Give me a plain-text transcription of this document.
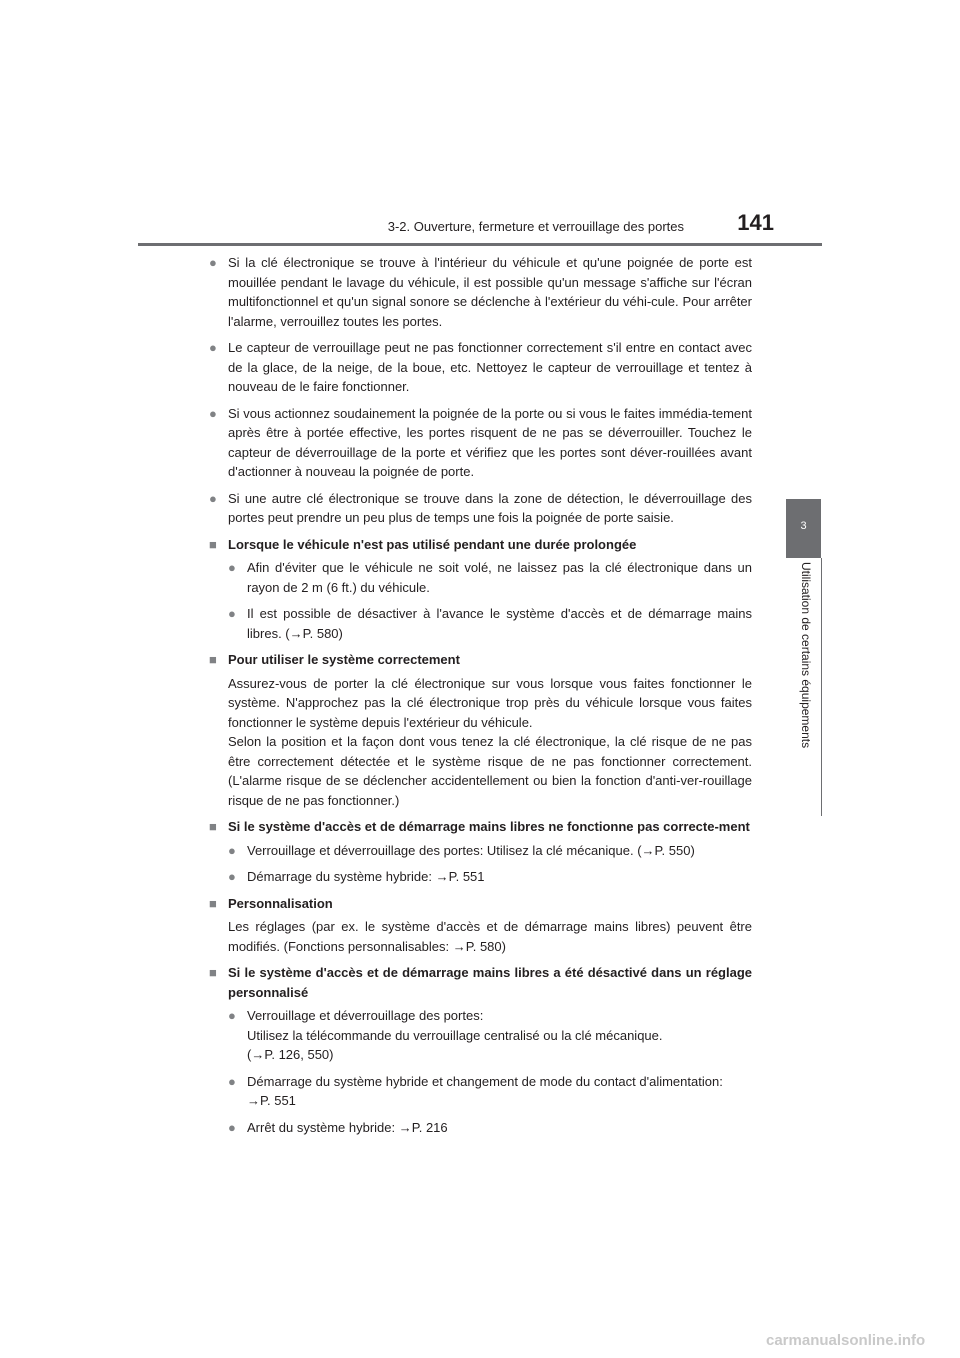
3-2. Ouverture, fermeture et verrouillage des portes 141
3
Utilisation de certains équipements
● Si la clé électronique se trouve à l'intérieur du véhicule et qu'une poignée de porte est mouillée pendant le lavage du véhicule, il est possible qu'un message s'affiche sur l'écran multifonctionnel et qu'un signal sonore se déclenche à l'extérieur du véhi-cule. Pour arrêter l'alarme, verrouillez toutes les portes.
● Le capteur de verrouillage peut ne pas fonctionner correctement s'il entre en contact avec de la glace, de la neige, de la boue, etc. Nettoyez le capteur de verrouillage et tentez à nouveau de le faire fonctionner.
● Si vous actionnez soudainement la poignée de la porte ou si vous le faites immédia-tement après être à portée effective, les portes risquent de ne pas se déverrouiller. Touchez le capteur de déverrouillage de la porte et vérifiez que les portes sont déver-rouillées avant d'actionner à nouveau la poignée de porte.
● Si une autre clé électronique se trouve dans la zone de détection, le déverrouillage des portes peut prendre un peu plus de temps une fois la poignée de porte saisie.
■ Lorsque le véhicule n'est pas utilisé pendant une durée prolongée
● Afin d'éviter que le véhicule ne soit volé, ne laissez pas la clé électronique dans un rayon de 2 m (6 ft.) du véhicule.
● Il est possible de désactiver à l'avance le système d'accès et de démarrage mains libres. (→P. 580)
■ Pour utiliser le système correctement
Assurez-vous de porter la clé électronique sur vous lorsque vous faites fonctionner le système. N'approchez pas la clé électronique trop près du véhicule lorsque vous faites fonctionner le système depuis l'extérieur du véhicule.
Selon la position et la façon dont vous tenez la clé électronique, la clé risque de ne pas être correctement détectée et le système risque de ne pas fonctionner correctement. (L'alarme risque de se déclencher accidentellement ou bien la fonction d'anti-ver-rouillage risque de ne pas fonctionner.)
■ Si le système d'accès et de démarrage mains libres ne fonctionne pas correcte-ment
● Verrouillage et déverrouillage des portes: Utilisez la clé mécanique. (→P. 550)
● Démarrage du système hybride: →P. 551
■ Personnalisation
Les réglages (par ex. le système d'accès et de démarrage mains libres) peuvent être modifiés. (Fonctions personnalisables: →P. 580)
■ Si le système d'accès et de démarrage mains libres a été désactivé dans un réglage personnalisé
● Verrouillage et déverrouillage des portes:
Utilisez la télécommande du verrouillage centralisé ou la clé mécanique.
(→P. 126, 550)
● Démarrage du système hybride et changement de mode du contact d'alimentation:
→P. 551
● Arrêt du système hybride: →P. 216
carmanualsonline.info
